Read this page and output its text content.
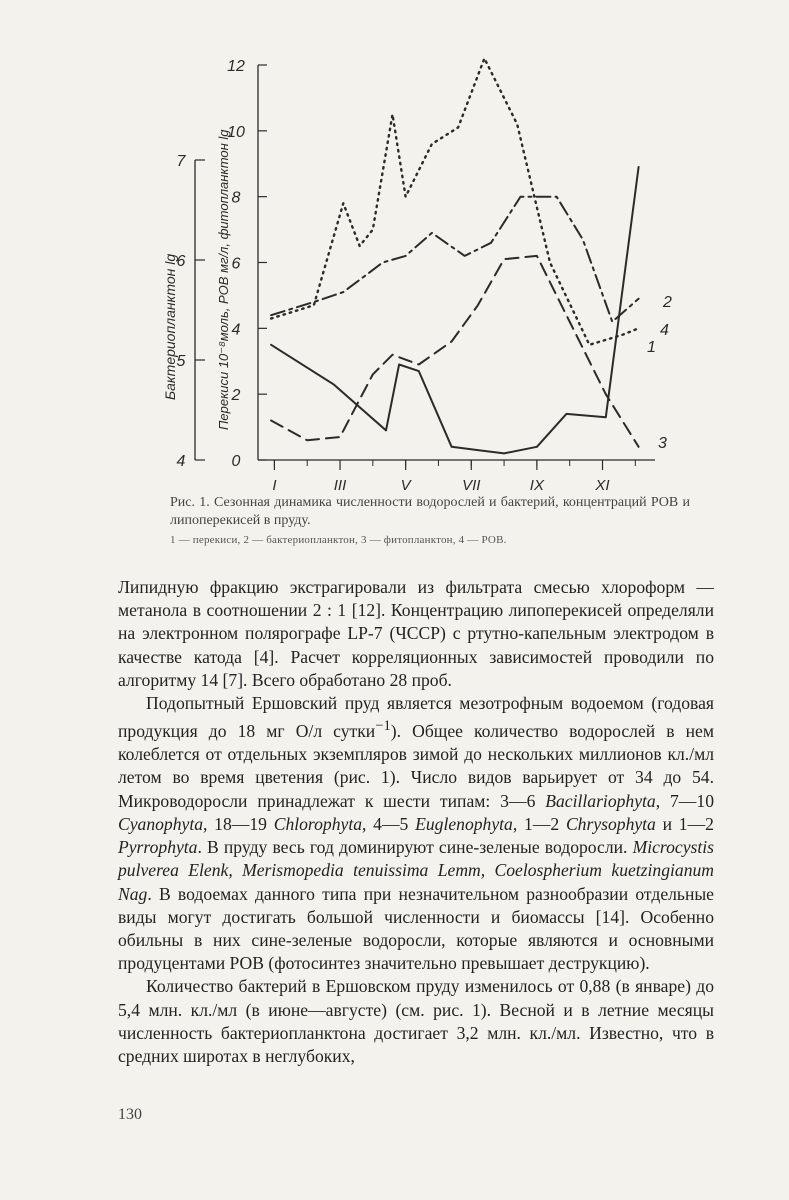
0
2
4
6
8
10
12
Перекиси 10⁻⁸моль, РОВ мг/л, фитопланктон lg
4
5
6
7
Бактериопланктон lg
I	III	V	VII	IX	XI
1
2
3
4
Рис. 1. Сезонная динамика численности водорослей и бактерий, концентраций РОВ и липоперекисей в пруду.
1 — перекиси, 2 — бактериопланктон, 3 — фитопланктон, 4 — РОВ.

Липидную фракцию экстрагировали из фильтрата смесью хлороформ — метанола в соотношении 2 : 1 [12]. Концентрацию липоперекисей определяли на электронном полярографе LP-7 (ЧССР) с ртутно-капельным электродом в качестве катода [4]. Расчет корреляционных зависимостей проводили по алгоритму 14 [7]. Всего обработано 28 проб.

Подопытный Ершовский пруд является мезотрофным водоемом (годовая продукция до 18 мг О/л сутки$^{-1}$). Общее количество водорослей в нем колеблется от отдельных экземпляров зимой до нескольких миллионов кл./мл летом во время цветения (рис. 1). Число видов варьирует от 34 до 54. Микроводоросли принадлежат к шести типам: 3—6 Bacillariophyta, 7—10 Cyanophyta, 18—19 Chlorophyta, 4—5 Euglenophyta, 1—2 Chrysophyta и 1—2 Pyrrophyta. В пруду весь год доминируют сине-зеленые водоросли. Microcystis pulverea Elenk, Merismopedia tenuissima Lemm, Coelospherium kuetzingianum Nag. В водоемах данного типа при незначительном разнообразии отдельные виды могут достигать большой численности и биомассы [14]. Особенно обильны в них сине-зеленые водоросли, которые являются и основными продуцентами РОВ (фотосинтез значительно превышает деструкцию).

Количество бактерий в Ершовском пруду изменилось от 0,88 (в январе) до 5,4 млн. кл./мл (в июне—августе) (см. рис. 1). Весной и в летние месяцы численность бактериопланктона достигает 3,2 млн. кл./мл. Известно, что в средних широтах в неглубоких,

130
